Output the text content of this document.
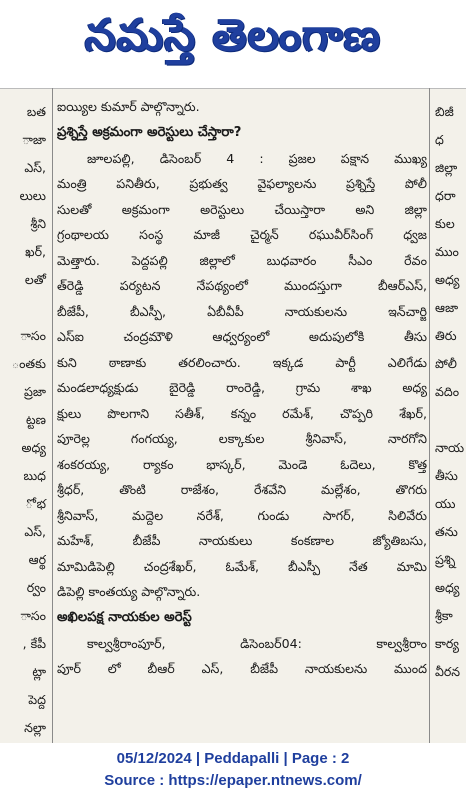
నమస్తే తెలంగాణ
బత
ాజా
ఎస్,
లులు
శ్రీని
ఖర్,
లతో

ాసం
ంతకు
ప్రజా
ట్టణ
అధ్య
బుధ
ో భ
ఎస్,
ఆర్థ
ర్వం
ాసం
, కేపీ
ట్లా
పెద్ద
నల్లా
ఐయ్యిల కుమార్ పాల్గొన్నారు.
ప్రశ్నిస్తే అక్రమంగా అరెస్టులు చేస్తారా?
జూలపల్లి, డిసెంబర్ 4 : ప్రజల పక్షాన ముఖ్య
మంత్రి పనితీరు, ప్రభుత్వ వైఫల్యాలను ప్రశ్నిస్తే పోలీ
సులతో అక్రమంగా అరెస్టులు చేయిస్తారా అని జిల్లా
గ్రంథాలయ సంస్థ మాజీ చైర్మన్ రఘువీర్‌సింగ్ ధ్వజ
మెత్తారు. పెద్దపల్లి జిల్లాలో బుధవారం సీఎం రేవం
త్‌రెడ్డి పర్యటన నేపథ్యంలో ముందస్తుగా బీఆర్‌ఎస్,
బీజేపీ, బీఎస్పీ, ఏబీవీపీ నాయకులను ఇన్‌చార్జి
ఎస్ఐ చంద్రమౌళి ఆధ్వర్యంలో అదుపులోకి తీసు
కుని ఠాణాకు తరలించారు. ఇక్కడ పార్టీ ఎలిగేడు
మండలాధ్యక్షుడు బైరెడ్డి రాంరెడ్డి, గ్రామ శాఖ అధ్య
క్షులు పొలగాని సతీశ్, కన్నం రమేశ్, చొప్పరి శేఖర్,
పూరెల్ల గంగయ్య, లక్కాకుల శ్రీనివాస్, నారగోని
శంకరయ్య, ర్యాకం భాస్కర్, మెండె ఓదెలు, కొత్త
శ్రీధర్, తొంటి రాజేశం, రేశవేని మల్లేశం, తొగరు
శ్రీనివాస్, మద్దెల నరేశ్, గుండు సాగర్, సిలివేరు
మహేశ్, బీజేపీ నాయకులు కంకణాల జ్యోతిబసు,
మామిడిపెల్లి చంద్రశేఖర్, ఓమేశ్, బీఎస్పీ నేత మామి
డిపెల్లి కాంతయ్య పాల్గొన్నారు.
అఖిలపక్ష నాయకుల అరెస్ట్
కాల్వశ్రీరాంపూర్, డిసెంబర్04: కాల్వశ్రీరాం
పూర్ లో బీఆర్ ఎస్, బీజేపీ నాయకులను ముంద
బిజీ
ధ
జిల్లా
ధరా
కుల
ముం
అధ్య
ఆజా
తిరు
పోలీ
వదిం

నాయ
తీసు
యు
తను
ప్రశ్ని
అధ్య
శ్రీకా
కార్య
వీరన
05/12/2024 | Peddapalli | Page : 2
Source : https://epaper.ntnews.com/
